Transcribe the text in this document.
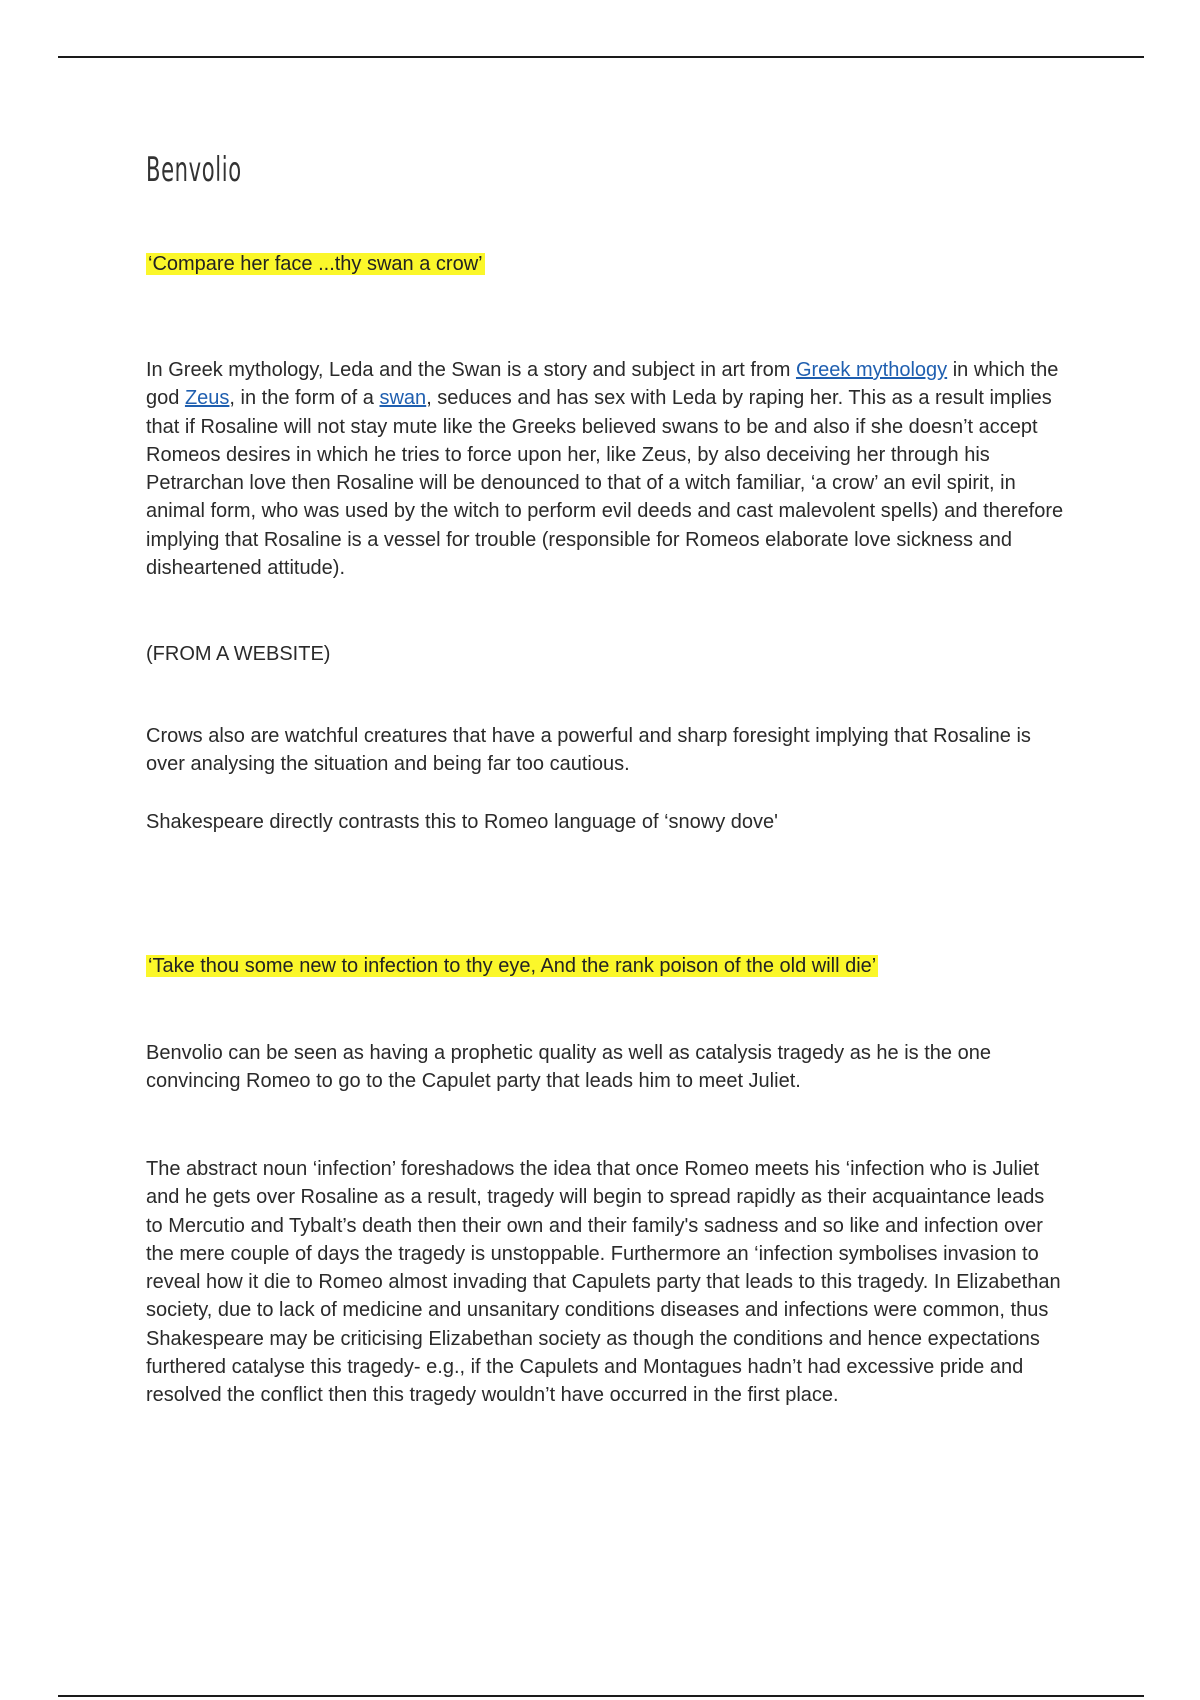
Benvolio

‘Compare her face ...thy swan a crow’

In Greek mythology, Leda and the Swan is a story and subject in art from Greek mythology in which the god Zeus, in the form of a swan, seduces and has sex with Leda by raping her. This as a result implies that if Rosaline will not stay mute like the Greeks believed swans to be and also if she doesn’t accept Romeos desires in which he tries to force upon her, like Zeus, by also deceiving her through his Petrarchan love then Rosaline will be denounced to that of a witch familiar, ‘a crow’ an evil spirit, in animal form, who was used by the witch to perform evil deeds and cast malevolent spells) and therefore implying that Rosaline is a vessel for trouble (responsible for Romeos elaborate love sickness and disheartened attitude).

(FROM A WEBSITE)

Crows also are watchful creatures that have a powerful and sharp foresight implying that Rosaline is over analysing the situation and being far too cautious.

Shakespeare directly contrasts this to Romeo language of ‘snowy dove'

‘Take thou some new to infection to thy eye, And the rank poison of the old will die’

Benvolio can be seen as having a prophetic quality as well as catalysis tragedy as he is the one convincing Romeo to go to the Capulet party that leads him to meet Juliet.

The abstract noun ‘infection’ foreshadows the idea that once Romeo meets his ‘infection who is Juliet and he gets over Rosaline as a result, tragedy will begin to spread rapidly as their acquaintance leads to Mercutio and Tybalt’s death then their own and their family's sadness and so like and infection over the mere couple of days the tragedy is unstoppable. Furthermore an ‘infection symbolises invasion to reveal how it die to Romeo almost invading that Capulets party that leads to this tragedy. In Elizabethan society, due to lack of medicine and unsanitary conditions diseases and infections were common, thus Shakespeare may be criticising Elizabethan society as though the conditions and hence expectations furthered catalyse this tragedy- e.g., if the Capulets and Montagues hadn’t had excessive pride and resolved the conflict then this tragedy wouldn’t have occurred in the first place.
